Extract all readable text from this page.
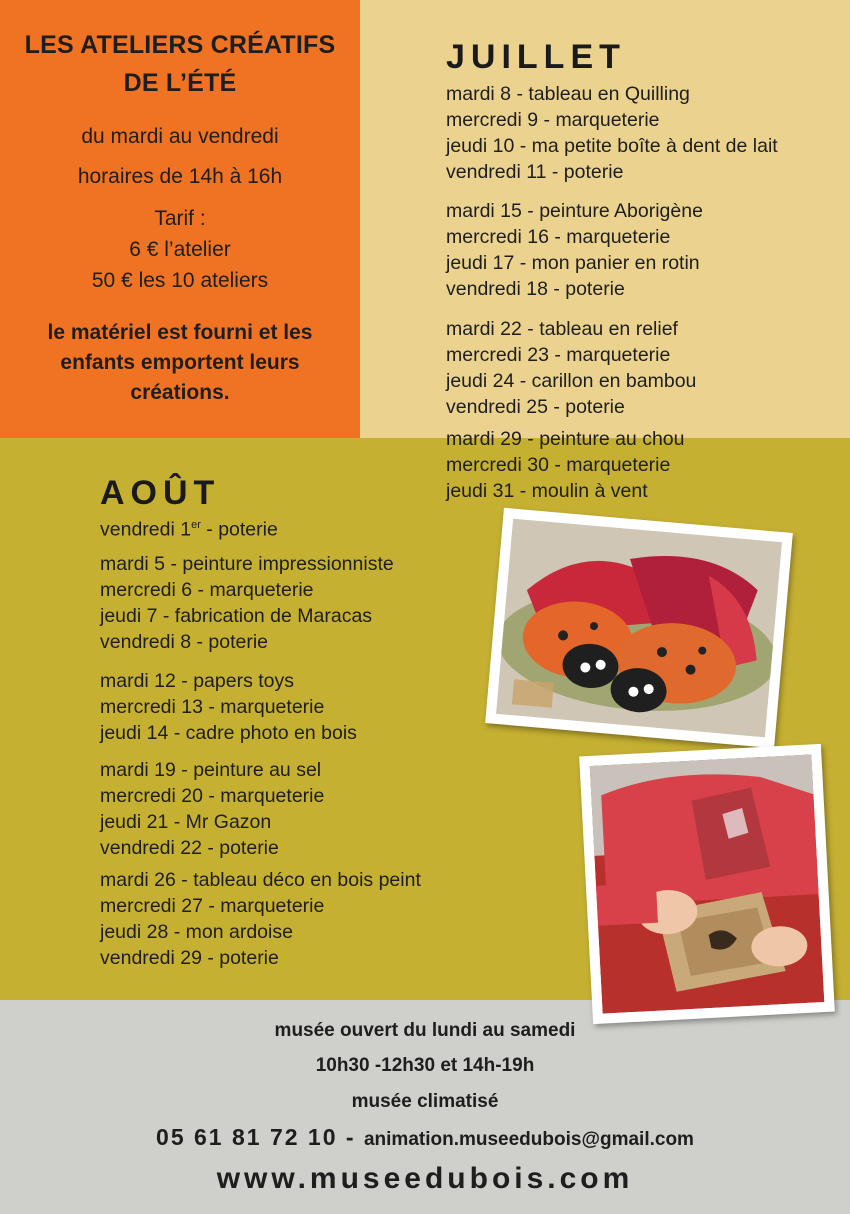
LES ATELIERS CRÉATIFS
DE L’ÉTÉ
du mardi au vendredi
horaires de 14h à 16h
Tarif :
6 € l’atelier
50 € les 10 ateliers
le matériel est fourni et les
enfants emportent leurs
créations.
JUILLET
mardi 8 - tableau en Quilling
mercredi 9 - marqueterie
jeudi 10 - ma petite boîte à dent de lait
vendredi 11 - poterie
mardi 15 - peinture Aborigène
mercredi 16 - marqueterie
jeudi 17 - mon panier en rotin
vendredi 18 - poterie
mardi 22 - tableau en relief
mercredi 23 - marqueterie
jeudi 24 - carillon en bambou
vendredi 25 - poterie
mardi 29 - peinture au chou
mercredi 30 - marqueterie
jeudi 31 - moulin à vent
AOÛT
vendredi 1er - poterie
mardi 5 - peinture impressionniste
mercredi 6 - marqueterie
jeudi 7 - fabrication de Maracas
vendredi 8 - poterie
mardi 12 - papers toys
mercredi 13 - marqueterie
jeudi 14 - cadre photo en bois
mardi 19 - peinture au sel
mercredi 20 - marqueterie
jeudi 21 - Mr Gazon
vendredi 22 - poterie
mardi 26 - tableau déco en bois peint
mercredi 27 - marqueterie
jeudi 28 - mon ardoise
vendredi 29 - poterie
musée ouvert du lundi au samedi
10h30 -12h30 et 14h-19h
musée climatisé
05 61 81 72 10 - animation.museedubois@gmail.com
www.museedubois.com
